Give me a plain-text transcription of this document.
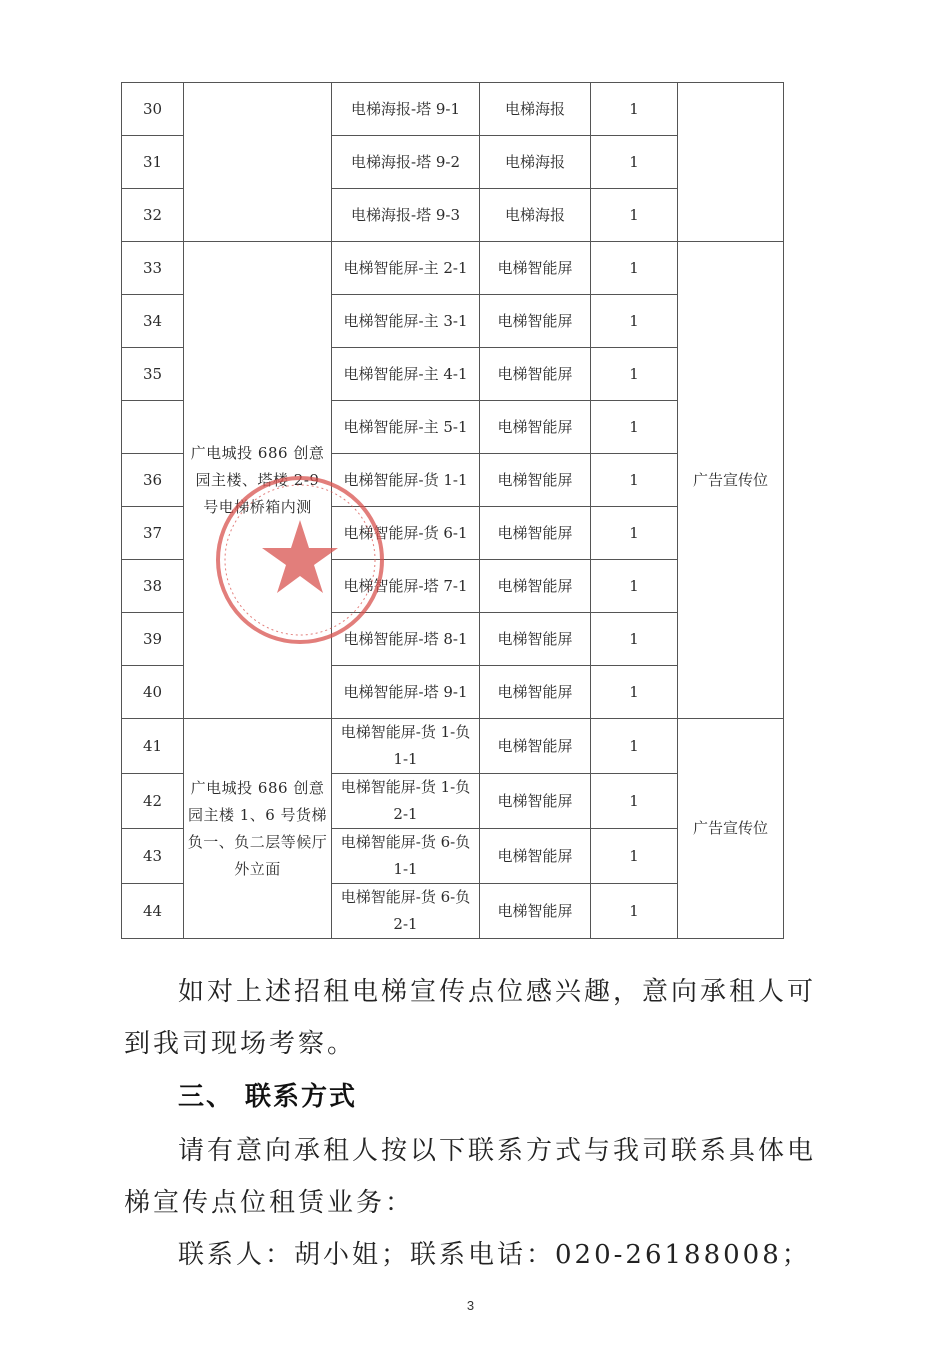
30		电梯海报-塔 9-1	电梯海报	1	
31		电梯海报-塔 9-2	电梯海报	1	
32		电梯海报-塔 9-3	电梯海报	1	
33	广电城投 686 创意园主楼、塔楼 2-9 号电梯桥箱内测	电梯智能屏-主 2-1	电梯智能屏	1	广告宣传位
34		电梯智能屏-主 3-1	电梯智能屏	1	
35		电梯智能屏-主 4-1	电梯智能屏	1	
		电梯智能屏-主 5-1	电梯智能屏	1	
36		电梯智能屏-货 1-1	电梯智能屏	1	
37		电梯智能屏-货 6-1	电梯智能屏	1	
38		电梯智能屏-塔 7-1	电梯智能屏	1	
39		电梯智能屏-塔 8-1	电梯智能屏	1	
40		电梯智能屏-塔 9-1	电梯智能屏	1	
41	广电城投 686 创意园主楼 1、6 号货梯负一、负二层等候厅外立面	电梯智能屏-货 1-负 1-1	电梯智能屏	1	广告宣传位
42		电梯智能屏-货 1-负 2-1	电梯智能屏	1	
43		电梯智能屏-货 6-负 1-1	电梯智能屏	1	
44		电梯智能屏-货 6-负 2-1	电梯智能屏	1	

如对上述招租电梯宣传点位感兴趣，意向承租人可到我司现场考察。

三、 联系方式

请有意向承租人按以下联系方式与我司联系具体电梯宣传点位租赁业务：

联系人：胡小姐；联系电话：020-26188008；

3
